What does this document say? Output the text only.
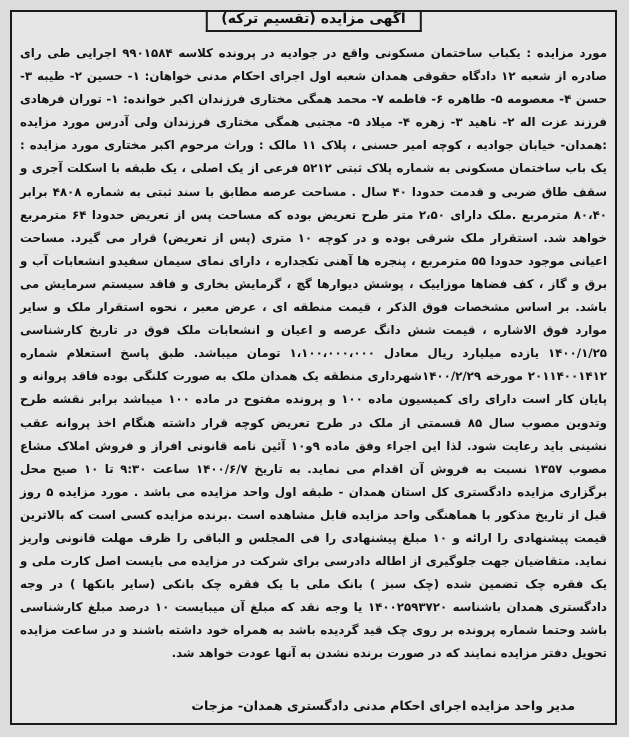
آگهی مزایده (تقسیم ترکه)

مورد مزایده : یکباب ساختمان مسکونی واقع در جوادیه در پرونده کلاسه ۹۹۰۱۵۸۴ اجرایی طی رای صادره از شعبه ۱۲ دادگاه حقوقی همدان شعبه اول اجرای احکام مدنی خواهان: ۱- حسین ۲- طیبه ۳- حسن ۴- معصومه ۵- طاهره ۶- فاطمه ۷- محمد همگی مختاری فرزندان اکبر خوانده: ۱- توران فرهادی فرزند عزت اله ۲- ناهید ۳- زهره ۴- میلاد ۵- مجتبی همگی مختاری فرزندان ولی آدرس مورد مزایده :همدان- خیابان جوادیه ، کوچه امیر حسنی ، پلاک ۱۱ مالک : وراث مرحوم اکبر مختاری مورد مزایده : یک باب ساختمان مسکونی به شماره پلاک ثبتی ۵۲۱۲ فرعی از یک اصلی ، یک طبقه با اسکلت آجری و سقف طاق ضربی و قدمت حدودا ۴۰ سال . مساحت عرصه مطابق با سند ثبتی به شماره ۴۸۰۸ برابر ۸۰،۴۰ مترمربع .ملک دارای ۲،۵۰ متر طرح تعریض بوده که مساحت پس از تعریض حدودا ۶۴ مترمربع خواهد شد. استقرار ملک شرقی بوده و در کوچه ۱۰ متری (پس از تعریض) قرار می گیرد. مساحت اعیانی موجود حدودا ۵۵ مترمربع ، پنجره ها آهنی تکجداره ، دارای نمای سیمان سفیدو انشعابات آب و برق و گاز ، کف فضاها موزاییک ، پوشش دیوارها گچ ، گرمایش بخاری و فاقد سیستم سرمایش می باشد. بر اساس مشخصات فوق الذکر ، قیمت منطقه ای ، عرض معبر ، نحوه استقرار ملک و سایر موارد فوق الاشاره ، قیمت شش دانگ عرصه و اعیان و انشعابات ملک فوق در تاریخ کارشناسی ۱۴۰۰/۱/۲۵ یازده میلیارد ریال معادل ۱،۱۰۰،۰۰۰،۰۰۰ تومان میباشد. طبق پاسخ استعلام شماره ۲۰۱۱۴۰۰۱۴۱۲ مورخه ۱۴۰۰/۲/۲۹شهرداری منطقه یک همدان ملک به صورت کلنگی بوده فاقد پروانه و پایان کار است دارای رای کمیسیون ماده ۱۰۰ و پرونده مفتوح در ماده ۱۰۰ میباشد برابر نقشه طرح وتدوین مصوب سال ۸۵ قسمتی از ملک در طرح تعریض کوچه قرار داشته هنگام اخذ پروانه عقب نشینی باید رعایت شود. لذا این اجراء وفق ماده ۹و۱۰ آئین نامه قانونی افراز و فروش املاک مشاع مصوب ۱۳۵۷ نسبت به فروش آن اقدام می نماید. به تاریخ ۱۴۰۰/۶/۷ ساعت ۹:۳۰ تا ۱۰ صبح محل برگزاری مزایده دادگستری کل استان همدان - طبقه اول واحد مزایده می باشد . مورد مزایده ۵ روز قبل از تاریخ مذکور با هماهنگی واحد مزایده قابل مشاهده است .برنده مزایده کسی است که بالاترین قیمت پیشنهادی را ارائه و ۱۰ مبلغ پیشنهادی را فی المجلس و الباقی را ظرف مهلت قانونی واریز نماید. متقاضیان جهت جلوگیری از اطاله دادرسی برای شرکت در مزایده می بایست اصل کارت ملی و یک فقره چک تضمین شده (چک سبز ) بانک ملی با یک فقره چک بانکی (سایر بانکها ) در وجه دادگستری همدان باشناسه ۱۴۰۰۲۵۹۳۷۲۰ یا وجه نقد که مبلغ آن میبایست ۱۰ درصد مبلغ کارشناسی باشد وحتما شماره پرونده بر روی چک قید گردیده باشد به همراه خود داشته باشند و در ساعت مزایده تحویل دفتر مزایده نمایند که در صورت برنده نشدن به آنها عودت خواهد شد.

مدیر واحد مزایده اجرای احکام مدنی دادگستری همدان- مزجات
